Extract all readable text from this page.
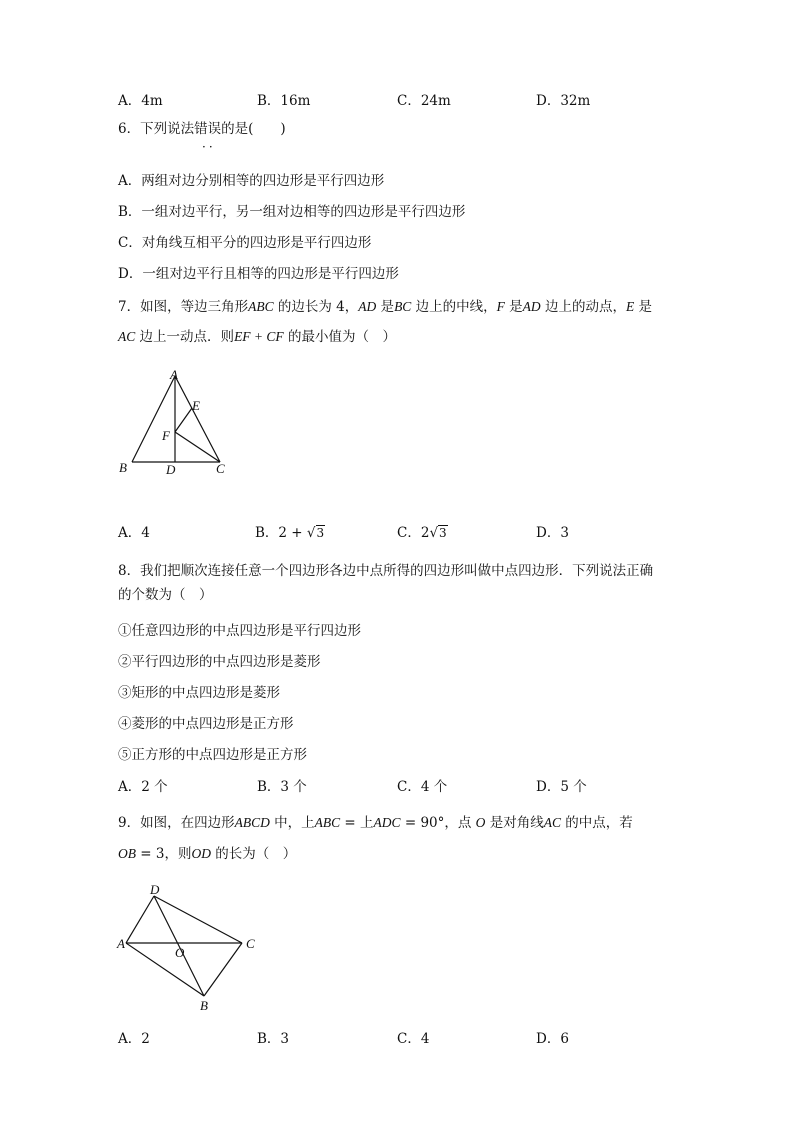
A．4m	B．16m	C．24m	D．32m
6．下列说法错误的是(　　)
··
A．两组对边分别相等的四边形是平行四边形
B．一组对边平行，另一组对边相等的四边形是平行四边形
C．对角线互相平分的四边形是平行四边形
D．一组对边平行且相等的四边形是平行四边形
7．如图，等边三角形ABC 的边长为 4，AD 是BC 边上的中线，F 是AD 边上的动点，E 是
AC 边上一动点．则EF + CF 的最小值为（　）
A
B	C
D
E
F
A．4	B．2 + √3	C．2√3	D．3
8．我们把顺次连接任意一个四边形各边中点所得的四边形叫做中点四边形．下列说法正确
的个数为（　）
①任意四边形的中点四边形是平行四边形
②平行四边形的中点四边形是菱形
③矩形的中点四边形是菱形
④菱形的中点四边形是正方形
⑤正方形的中点四边形是正方形
A．2 个	B．3 个	C．4 个	D．5 个
9．如图，在四边形ABCD 中，上ABC = 上ADC = 90°，点 O 是对角线AC 的中点，若
OB = 3，则OD 的长为（　）
D
A	C
B
O
A．2	B．3	C．4	D．6
